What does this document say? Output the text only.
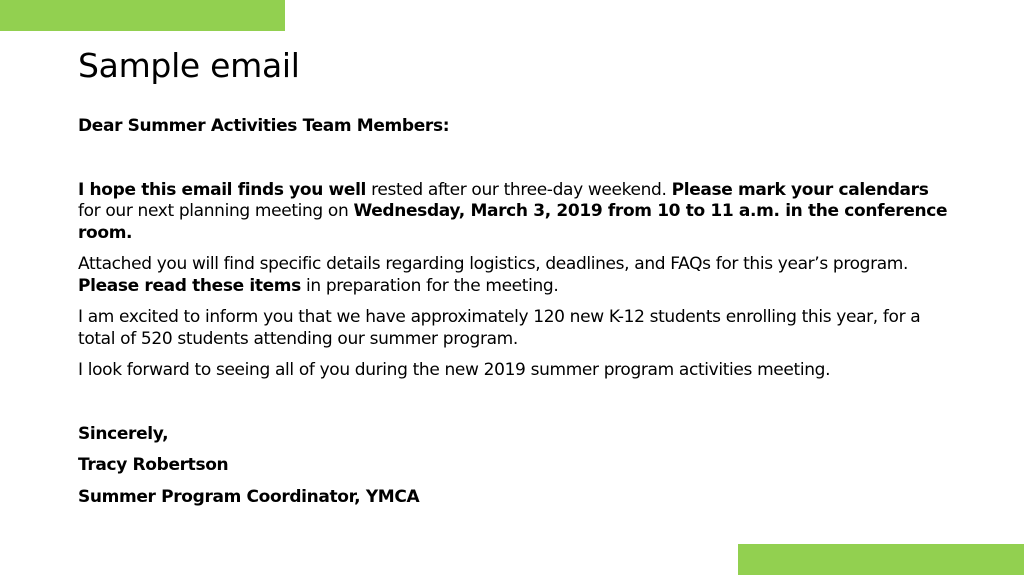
Sample email

Dear Summer Activities Team Members:

I hope this email finds you well rested after our three-day weekend. Please mark your calendars for our next planning meeting on Wednesday, March 3, 2019 from 10 to 11 a.m. in the conference room.

Attached you will find specific details regarding logistics, deadlines, and FAQs for this year’s program. Please read these items in preparation for the meeting.

I am excited to inform you that we have approximately 120 new K-12 students enrolling this year, for a total of 520 students attending our summer program.

I look forward to seeing all of you during the new 2019 summer program activities meeting.

Sincerely,

Tracy Robertson

Summer Program Coordinator, YMCA
